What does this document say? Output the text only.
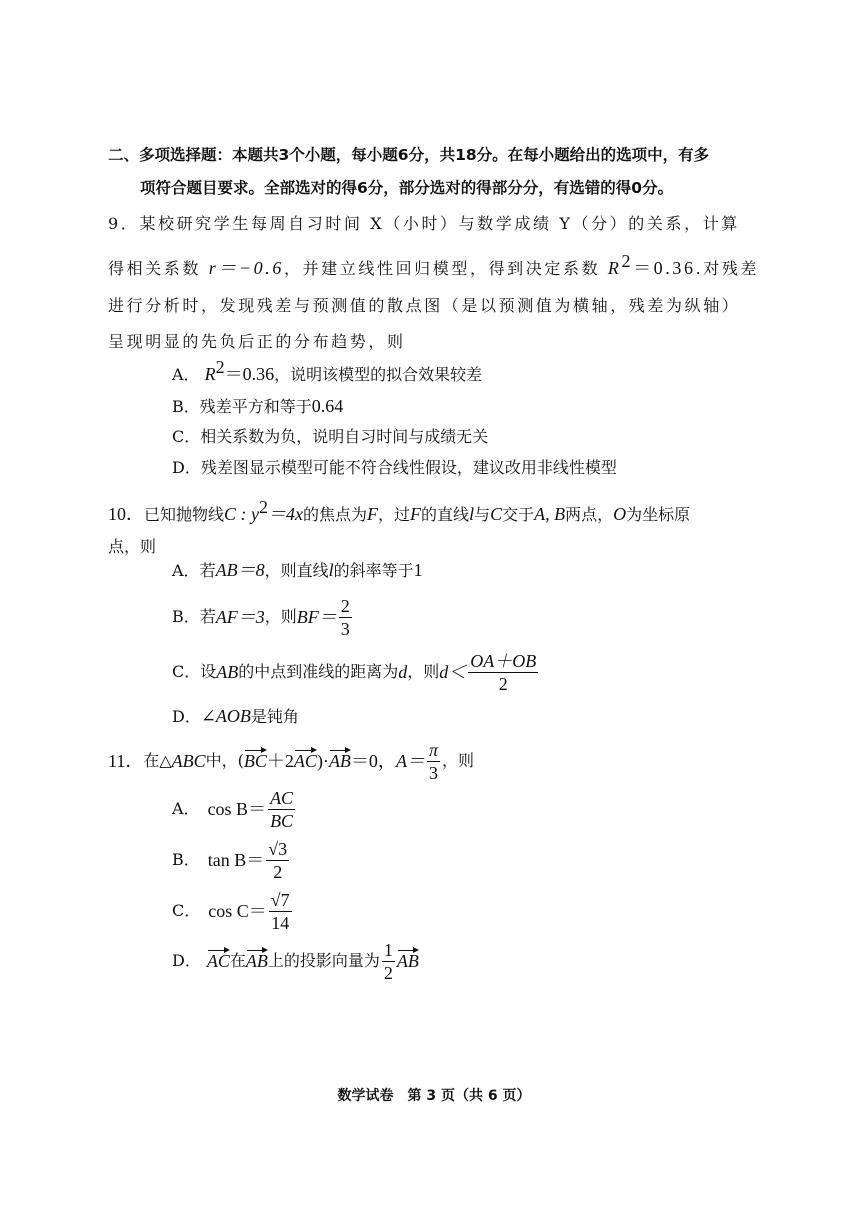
二、多项选择题：本题共3个小题，每小题6分，共18分。在每小题给出的选项中，有多
项符合题目要求。全部选对的得6分，部分选对的得部分分，有选错的得0分。
9．某校研究学生每周自习时间 X（小时）与数学成绩 Y（分）的关系，计算
得相关系数 r＝−0.6，并建立线性回归模型，得到决定系数 $R^2=0.36$.对残差
进行分析时，发现残差与预测值的散点图（是以预测值为横轴，残差为纵轴）
呈现明显的先负后正的分布趋势，则
A． $R^2=0.36$，说明该模型的拟合效果较差
B．残差平方和等于0.64
C．相关系数为负，说明自习时间与成绩无关
D．残差图显示模型可能不符合线性假设，建议改用非线性模型
10．已知抛物线C : $y^2=4x$的焦点为F，过F的直线l与C交于A, B两点，O为坐标原
点，则
A．若AB＝8，则直线l的斜率等于1
B． 若 AF＝3 ，则 $BF= \frac{2}{3}$
C． 设 AB 的中点到准线的距离为 d ，则 $d< \frac{OA+OB}{2}$
D．∠AOB是钝角
11． 在△ ABC 中，( BC ＋2 AC )· AB ＝0， $A= \frac{\pi}{3}$ ，则
A． $\cos B= \frac{AC}{BC}$
B． $\tan B= \frac{√3}{2}$
C． $\cos C= \frac{√7}{14}$
D． AC 在 AB 上的投影向量为 $\frac{1}{2}$ AB
数学试卷　第 3 页（共 6 页）
